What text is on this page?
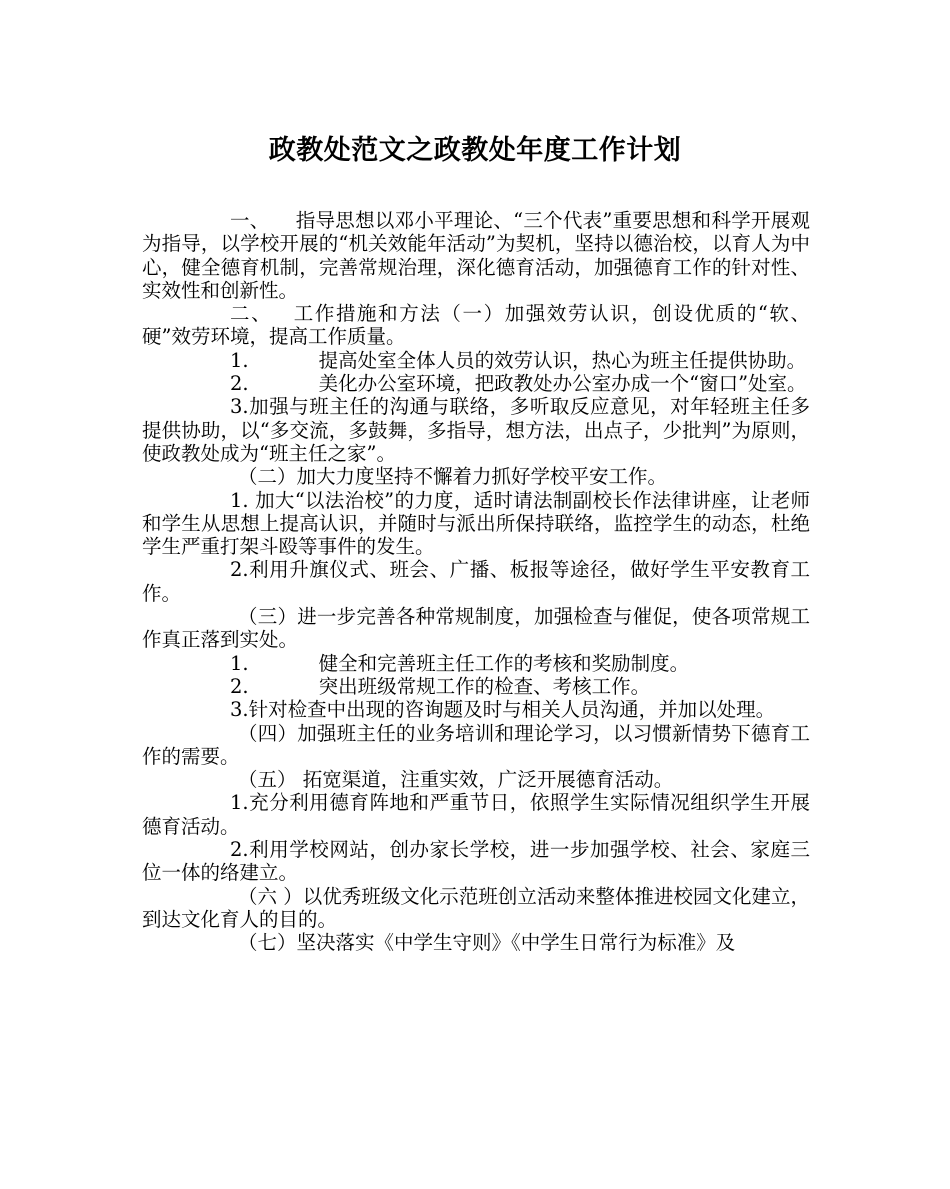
政教处范文之政教处年度工作计划

一、 指导思想以邓小平理论、“三个代表”重要思想和科学开展观为指导，以学校开展的“机关效能年活动”为契机，坚持以德治校，以育人为中心，健全德育机制，完善常规治理，深化德育活动，加强德育工作的针对性、实效性和创新性。

二、 工作措施和方法（一）加强效劳认识，创设优质的“软、硬”效劳环境，提高工作质量。

1.	提高处室全体人员的效劳认识，热心为班主任提供协助。

2.	美化办公室环境，把政教处办公室办成一个“窗口”处室。

3.加强与班主任的沟通与联络，多听取反应意见，对年轻班主任多提供协助，以“多交流，多鼓舞，多指导，想方法，出点子，少批判”为原则，使政教处成为“班主任之家”。

（二）加大力度坚持不懈着力抓好学校平安工作。

1. 加大“以法治校”的力度，适时请法制副校长作法律讲座，让老师和学生从思想上提高认识，并随时与派出所保持联络，监控学生的动态，杜绝学生严重打架斗殴等事件的发生。

2.利用升旗仪式、班会、广播、板报等途径，做好学生平安教育工作。

（三）进一步完善各种常规制度，加强检查与催促，使各项常规工作真正落到实处。

1.	健全和完善班主任工作的考核和奖励制度。

2.	突出班级常规工作的检查、考核工作。

3.针对检查中出现的咨询题及时与相关人员沟通，并加以处理。

（四）加强班主任的业务培训和理论学习，以习惯新情势下德育工作的需要。

（五） 拓宽渠道，注重实效，广泛开展德育活动。

1.充分利用德育阵地和严重节日，依照学生实际情况组织学生开展德育活动。

2.利用学校网站，创办家长学校，进一步加强学校、社会、家庭三位一体的络建立。

（六 ）以优秀班级文化示范班创立活动来整体推进校园文化建立，到达文化育人的目的。

（七）坚决落实《中学生守则》《中学生日常行为标准》及
